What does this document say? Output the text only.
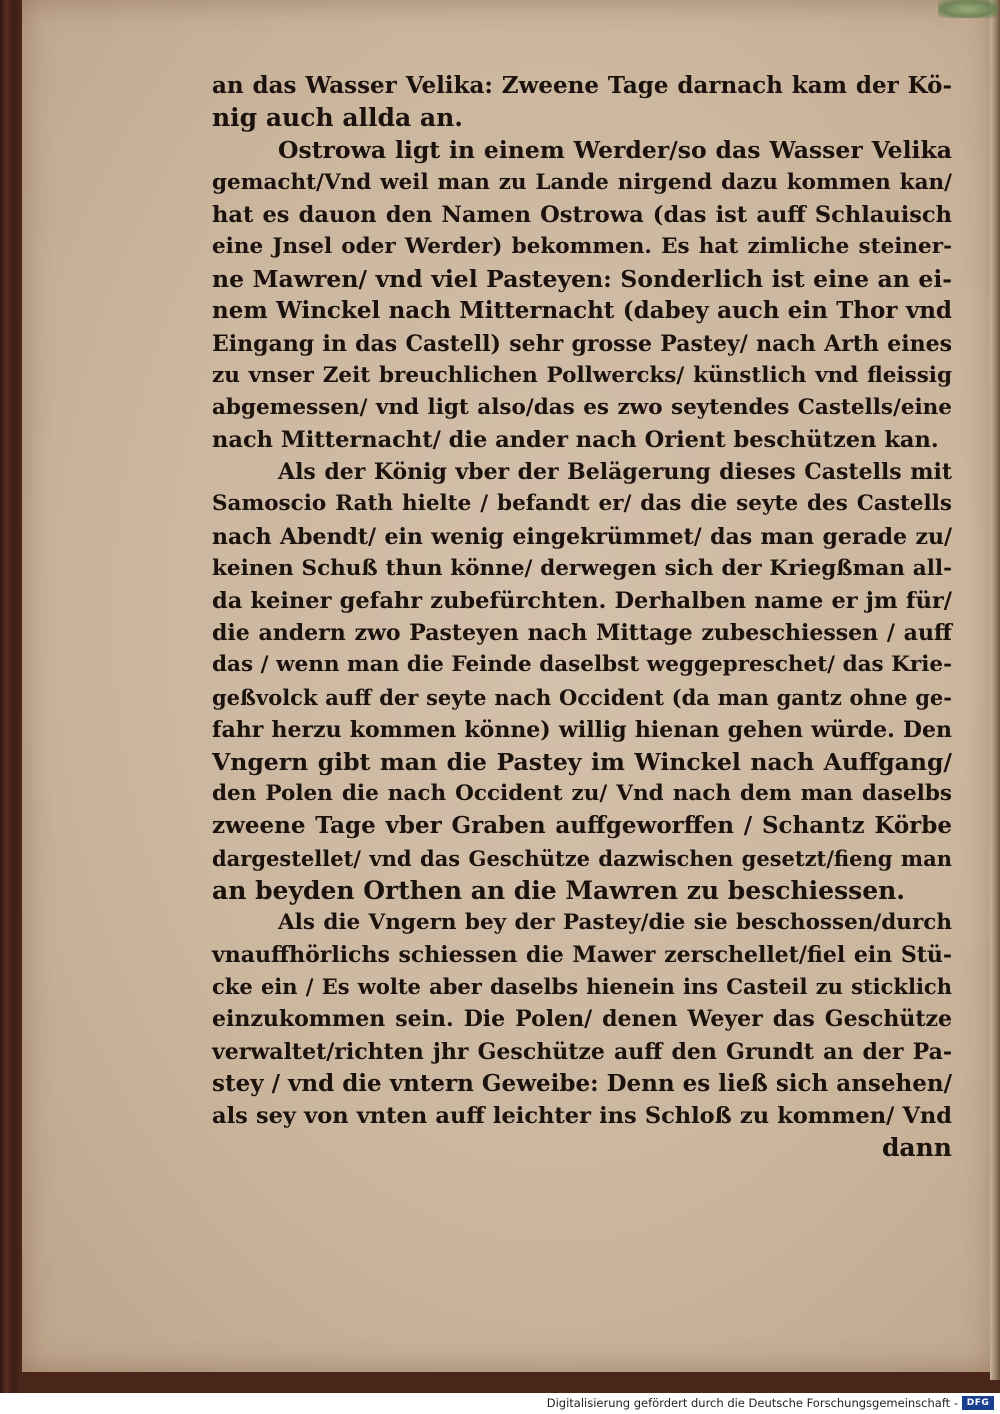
an das Wasser Velika: Zweene Tage darnach kam der Kö-
nig auch allda an.
Ostrowa ligt in einem Werder/so das Wasser Velika
gemacht/Vnd weil man zu Lande nirgend dazu kommen kan/
hat es dauon den Namen Ostrowa (das ist auff Schlauisch
eine Jnsel oder Werder) bekommen. Es hat zimliche steiner-
ne Mawren/ vnd viel Pasteyen: Sonderlich ist eine an ei-
nem Winckel nach Mitternacht (dabey auch ein Thor vnd
Eingang in das Castell) sehr grosse Pastey/ nach Arth eines
zu vnser Zeit breuchlichen Pollwercks/ künstlich vnd fleissig
abgemessen/ vnd ligt also/das es zwo seytendes Castells/eine
nach Mitternacht/ die ander nach Orient beschützen kan.
Als der König vber der Belägerung dieses Castells mit
Samoscio Rath hielte / befandt er/ das die seyte des Castells
nach Abendt/ ein wenig eingekrümmet/ das man gerade zu/
keinen Schuß thun könne/ derwegen sich der Kriegßman all-
da keiner gefahr zubefürchten. Derhalben name er jm für/
die andern zwo Pasteyen nach Mittage zubeschiessen / auff
das / wenn man die Feinde daselbst weggepreschet/ das Krie-
geßvolck auff der seyte nach Occident (da man gantz ohne ge-
fahr herzu kommen könne) willig hienan gehen würde. Den
Vngern gibt man die Pastey im Winckel nach Auffgang/
den Polen die nach Occident zu/ Vnd nach dem man daselbs
zweene Tage vber Graben auffgeworffen / Schantz Körbe
dargestellet/ vnd das Geschütze dazwischen gesetzt/fieng man
an beyden Orthen an die Mawren zu beschiessen.
Als die Vngern bey der Pastey/die sie beschossen/durch
vnauffhörlichs schiessen die Mawer zerschellet/fiel ein Stü-
cke ein / Es wolte aber daselbs hienein ins Casteil zu sticklich
einzukommen sein. Die Polen/ denen Weyer das Geschütze
verwaltet/richten jhr Geschütze auff den Grundt an der Pa-
stey / vnd die vntern Geweibe: Denn es ließ sich ansehen/
als sey von vnten auff leichter ins Schloß zu kommen/ Vnd
dann
Digitalisierung gefördert durch die Deutsche Forschungsgemeinschaft - DFG
